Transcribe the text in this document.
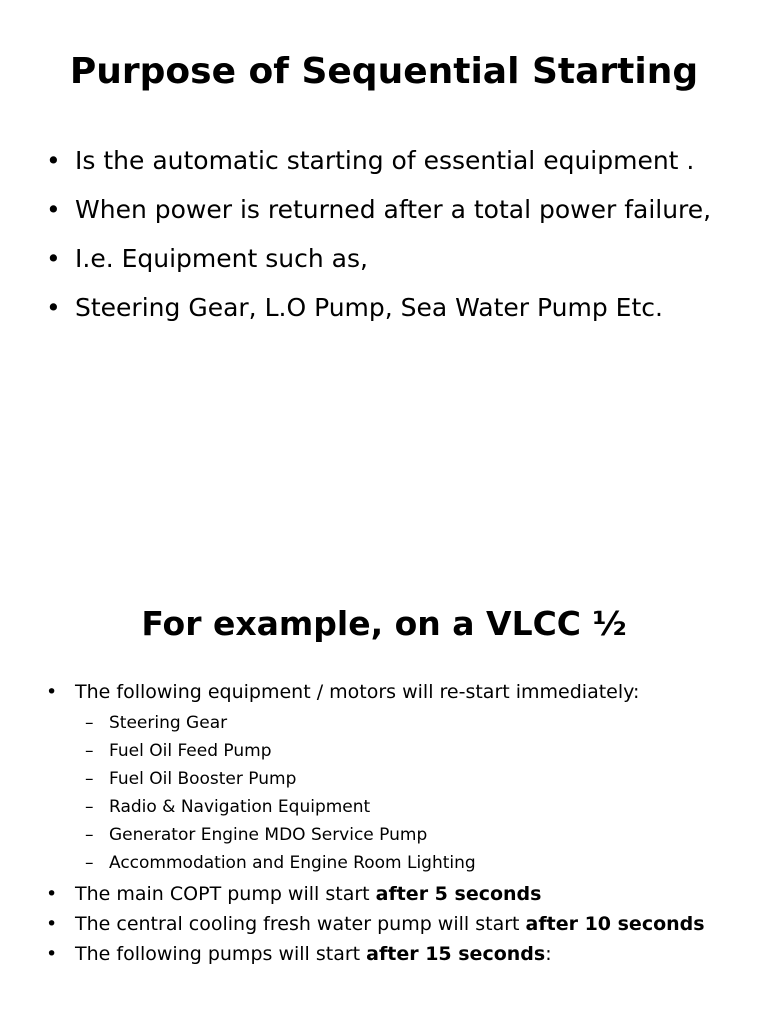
Purpose of Sequential Starting
• Is the automatic starting of essential equipment .
• When power is returned after a total power failure,
• I.e. Equipment such as,
• Steering Gear, L.O Pump, Sea Water Pump Etc.
For example, on a VLCC ½
• The following equipment / motors will re-start immediately:
– Steering Gear
– Fuel Oil Feed Pump
– Fuel Oil Booster Pump
– Radio & Navigation Equipment
– Generator Engine MDO Service Pump
– Accommodation and Engine Room Lighting
• The main COPT pump will start after 5 seconds
• The central cooling fresh water pump will start after 10 seconds
• The following pumps will start after 15 seconds:
